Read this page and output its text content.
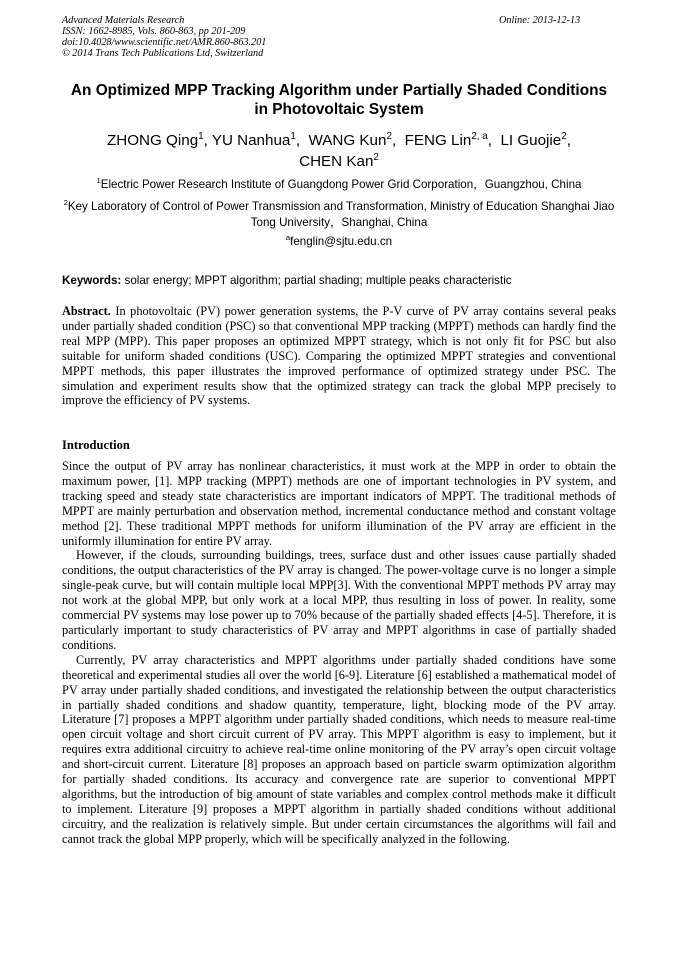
Advanced Materials Research
ISSN: 1662-8985, Vols. 860-863, pp 201-209
doi:10.4028/www.scientific.net/AMR.860-863.201
© 2014 Trans Tech Publications Ltd, Switzerland
Online: 2013-12-13
An Optimized MPP Tracking Algorithm under Partially Shaded Conditions in Photovoltaic System
ZHONG Qing$^1$, YU Nanhua$^1$,  WANG Kun$^2$,  FENG Lin$^{2, a}$,  LI Guojie$^2$,
CHEN Kan$^2$
$^1$Electric Power Research Institute of Guangdong Power Grid Corporation，Guangzhou, China
$^2$Key Laboratory of Control of Power Transmission and Transformation, Ministry of Education Shanghai Jiao Tong University，Shanghai, China
$^a$fenglin@sjtu.edu.cn
Keywords: solar energy; MPPT algorithm; partial shading; multiple peaks characteristic
Abstract. In photovoltaic (PV) power generation systems, the P-V curve of PV array contains several peaks under partially shaded condition (PSC) so that conventional MPP tracking (MPPT) methods can hardly find the real MPP (MPP). This paper proposes an optimized MPPT strategy, which is not only fit for PSC but also suitable for uniform shaded conditions (USC). Comparing the optimized MPPT strategies and conventional MPPT methods, this paper illustrates the improved performance of optimized strategy under PSC. The simulation and experiment results show that the optimized strategy can track the global MPP precisely to improve the efficiency of PV systems.
Introduction

Since the output of PV array has nonlinear characteristics, it must work at the MPP in order to obtain the maximum power, [1]. MPP tracking (MPPT) methods are one of important technologies in PV system, and tracking speed and steady state characteristics are important indicators of MPPT. The traditional methods of MPPT are mainly perturbation and observation method, incremental conductance method and constant voltage method [2]. These traditional MPPT methods for uniform illumination of the PV array are efficient in the uniformly illumination for entire PV array.

However, if the clouds, surrounding buildings, trees, surface dust and other issues cause partially shaded conditions, the output characteristics of the PV array is changed. The power-voltage curve is no longer a simple single-peak curve, but will contain multiple local MPP[3]. With the conventional MPPT methods PV array may not work at the global MPP, but only work at a local MPP, thus resulting in loss of power. In reality, some commercial PV systems may lose power up to 70% because of the partially shaded effects [4-5]. Therefore, it is particularly important to study characteristics of PV array and MPPT algorithms in case of partially shaded conditions.

Currently, PV array characteristics and MPPT algorithms under partially shaded conditions have some theoretical and experimental studies all over the world [6-9]. Literature [6] established a mathematical model of PV array under partially shaded conditions, and investigated the relationship between the output characteristics in partially shaded conditions and shadow quantity, temperature, light, blocking mode of the PV array. Literature [7] proposes a MPPT algorithm under partially shaded conditions, which needs to measure real-time open circuit voltage and short circuit current of PV array. This MPPT algorithm is easy to implement, but it requires extra additional circuitry to achieve real-time online monitoring of the PV array’s open circuit voltage and short-circuit current. Literature [8] proposes an approach based on particle swarm optimization algorithm for partially shaded conditions. Its accuracy and convergence rate are superior to conventional MPPT algorithms, but the introduction of big amount of state variables and complex control methods make it difficult to implement. Literature [9] proposes a MPPT algorithm in partially shaded conditions without additional circuitry, and the realization is relatively simple. But under certain circumstances the algorithms will fail and cannot track the global MPP properly, which will be specifically analyzed in the following.
